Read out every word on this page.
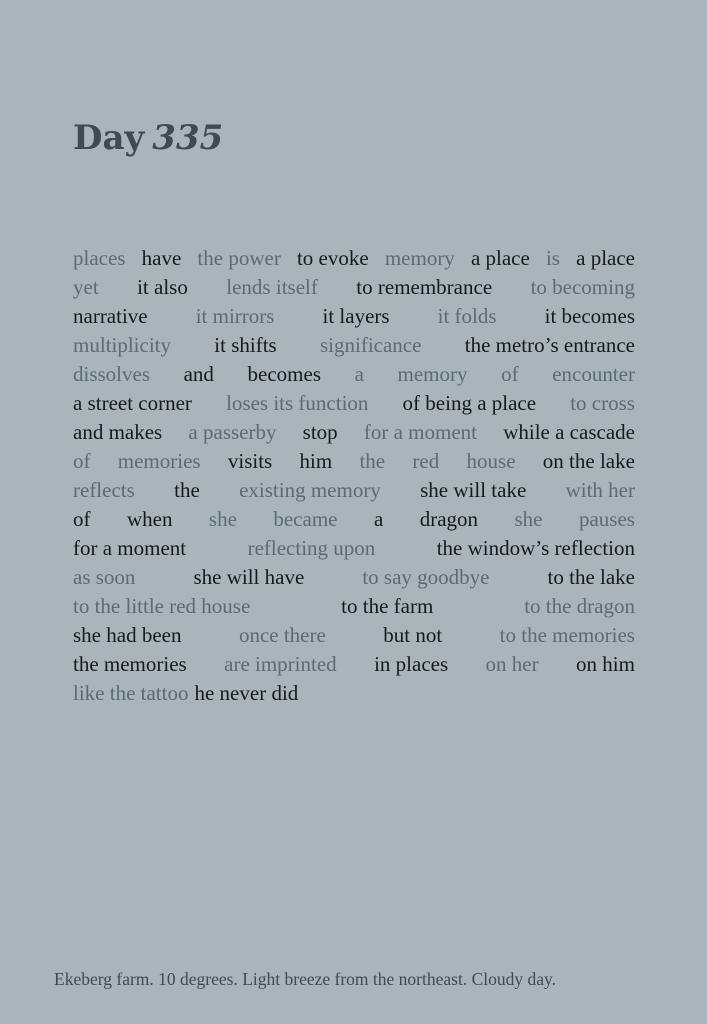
Day 335
places have the power to evoke memory a place is a place
yet it also lends itself to remembrance to becoming
narrative it mirrors it layers it folds it becomes
multiplicity it shifts significance the metro’s entrance
dissolves and becomes a memory of encounter
a street corner loses its function of being a place to cross
and makes a passerby stop for a moment while a cascade
of memories visits him the red house on the lake
reflects the existing memory she will take with her
of when she became a dragon she pauses
for a moment	reflecting upon	the window’s reflection
as soon	she will have	to say goodbye	to the lake
to the little red house	to the farm	to the dragon
she had been	once there	but not	to the memories
the memories are imprinted in places on her on him
like the tattoo he never did
Ekeberg farm. 10 degrees. Light breeze from the northeast. Cloudy day.
